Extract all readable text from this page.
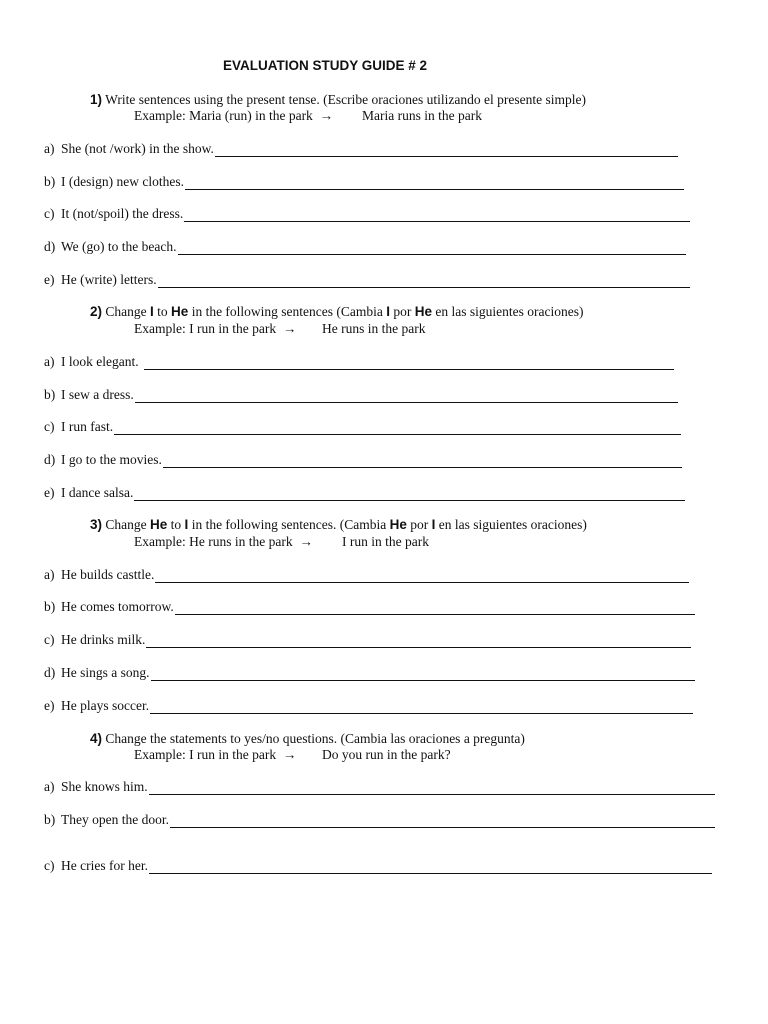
EVALUATION STUDY GUIDE # 2
1) Write sentences using the present tense. (Escribe oraciones utilizando el presente simple)
Example: Maria (run) in the park  → Maria runs in the park
a) She (not /work) in the show.
b) I (design) new clothes.
c) It (not/spoil) the dress.
d) We (go) to the beach.
e) He (write) letters.
2) Change I to He in the following sentences (Cambia I por He en las siguientes oraciones)
Example: I run in the park  → He runs in the park
a) I look elegant.
b) I sew a dress.
c) I run fast.
d) I go to the movies.
e) I dance salsa.
3) Change He to I in the following sentences. (Cambia He por I en las siguientes oraciones)
Example: He runs in the park  → I run in the park
a) He builds casttle.
b) He comes tomorrow.
c) He drinks milk.
d) He sings a song.
e) He plays soccer.
4) Change the statements to yes/no questions. (Cambia las oraciones a pregunta)
Example: I run in the park  → Do you run in the park?
a) She knows him.
b) They open the door.
c) He cries for her.
